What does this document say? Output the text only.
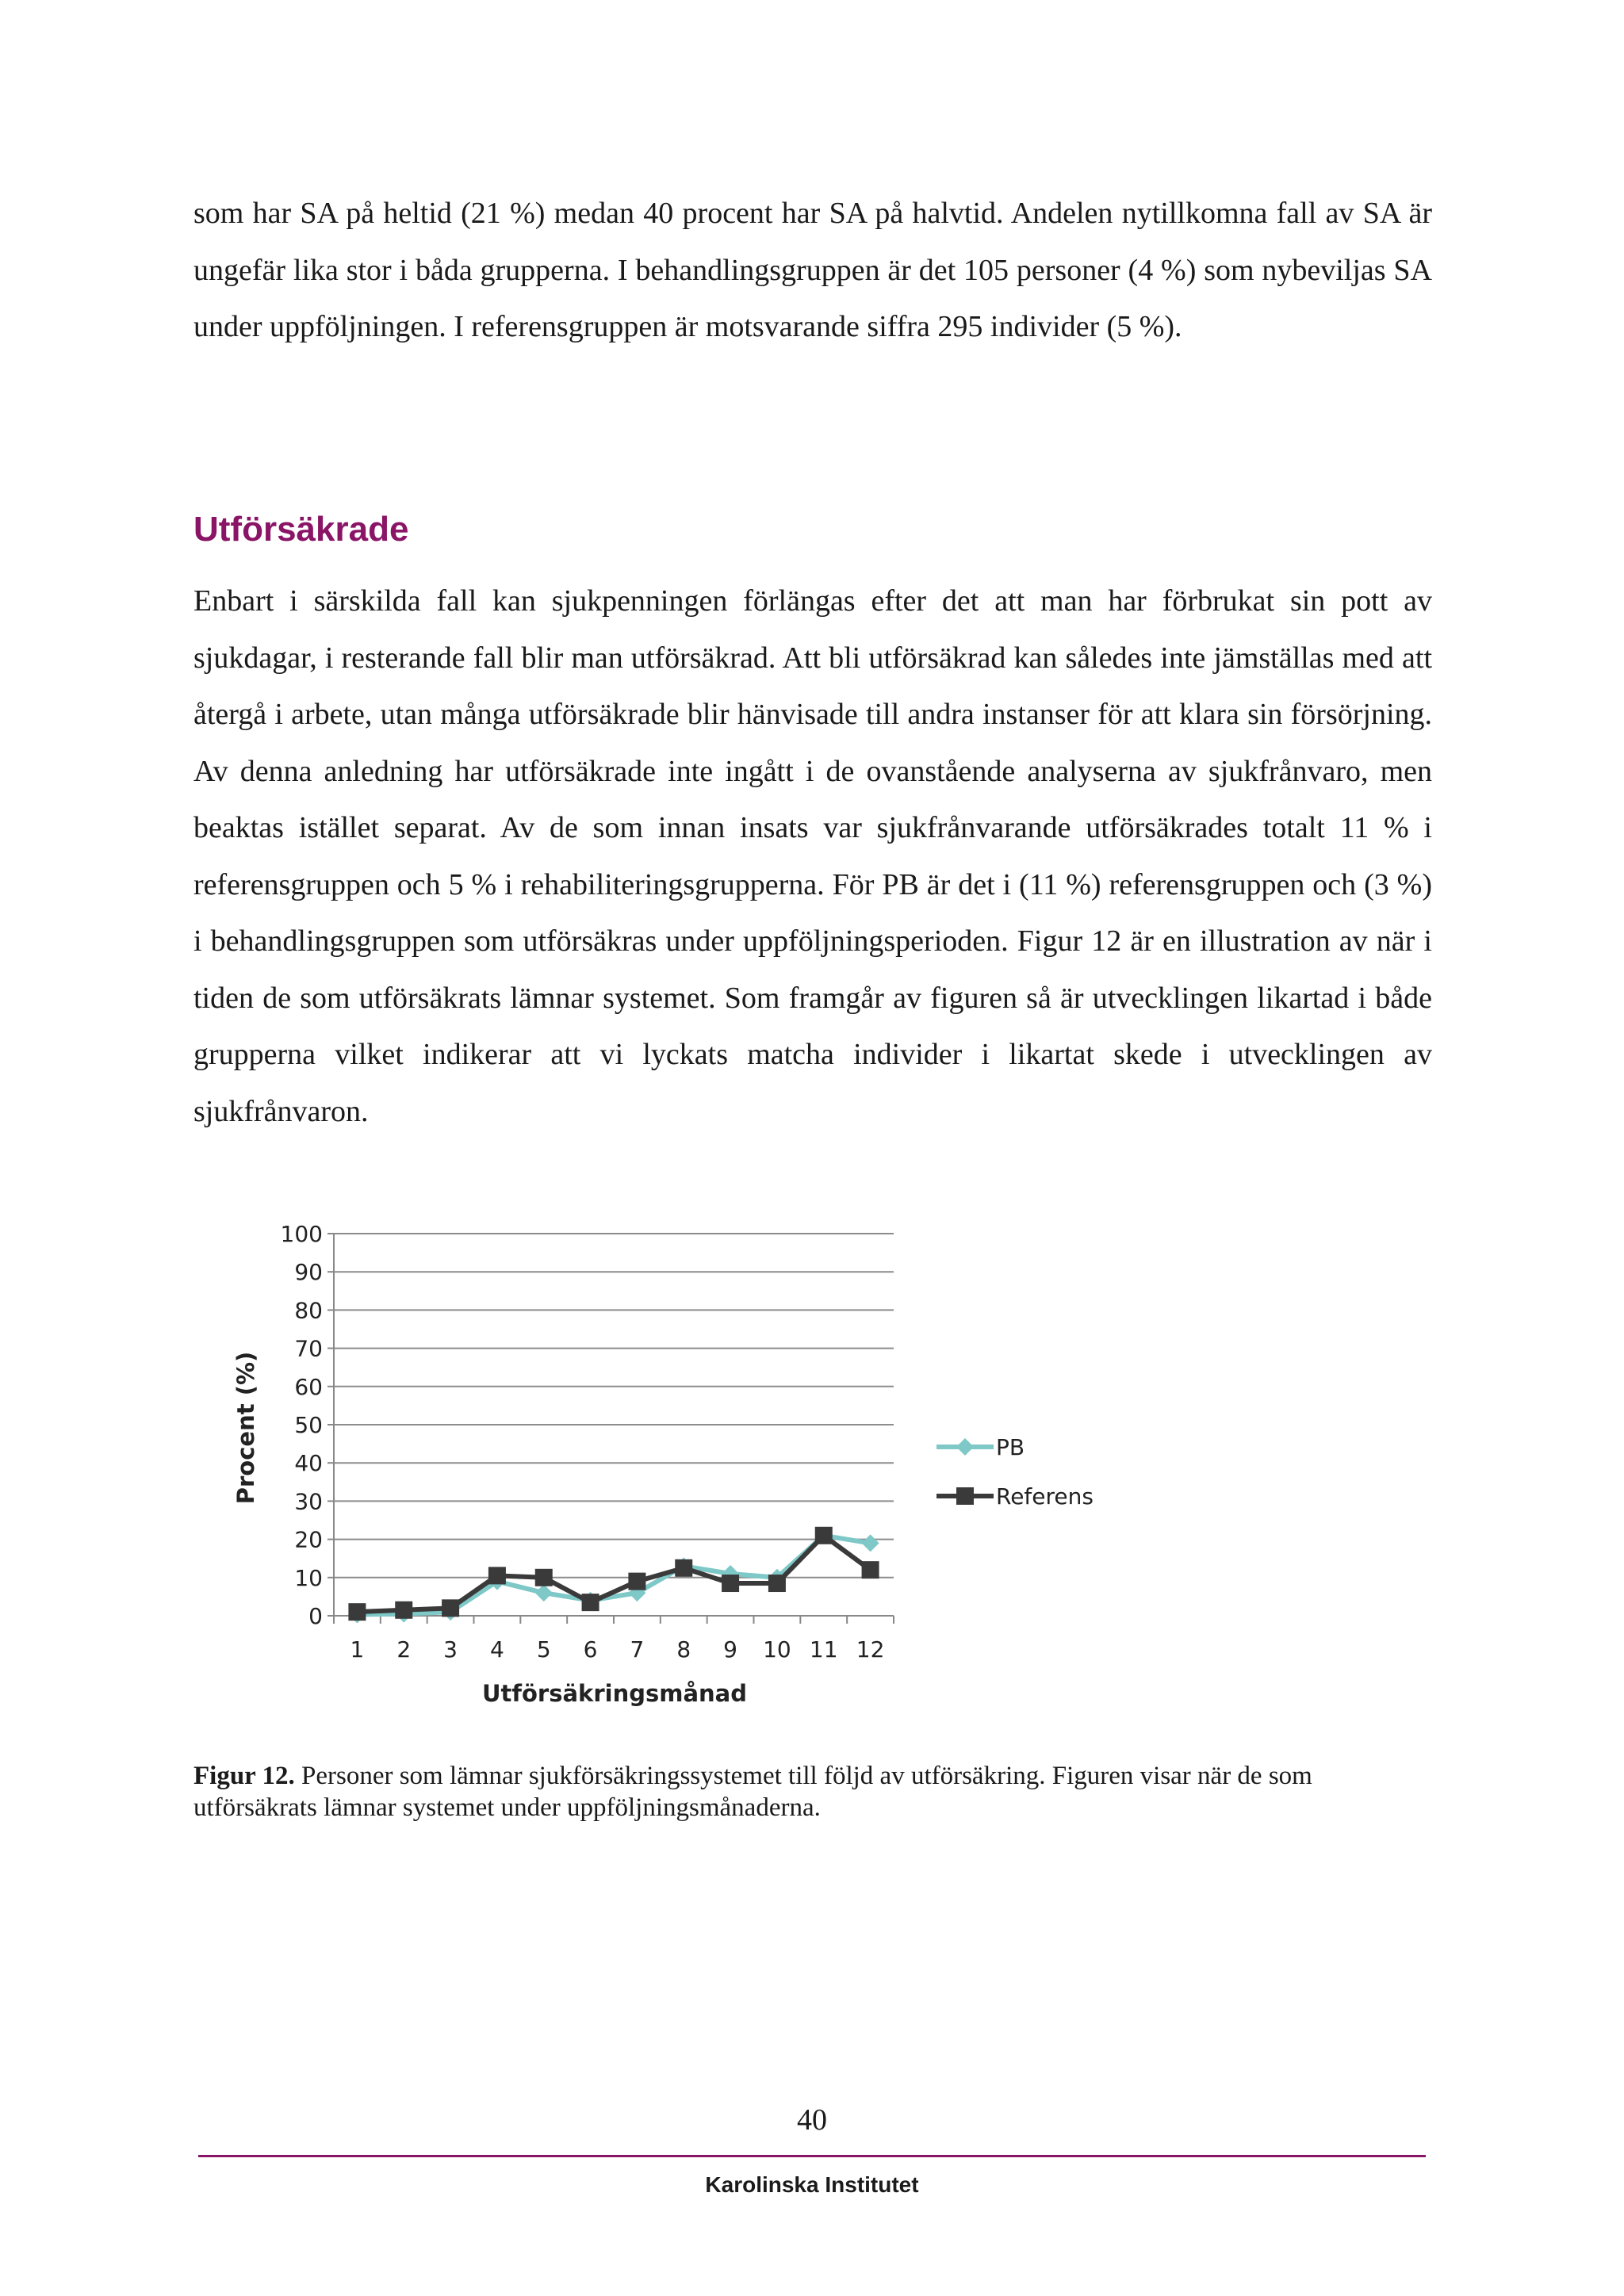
som har SA på heltid (21 %) medan 40 procent har SA på halvtid. Andelen nytillkomna fall av SA är ungefär lika stor i båda grupperna. I behandlingsgruppen är det 105 personer (4 %) som nybeviljas SA under uppföljningen. I referensgruppen är motsvarande siffra 295 individer (5 %).

Utförsäkrade

Enbart i särskilda fall kan sjukpenningen förlängas efter det att man har förbrukat sin pott av sjukdagar, i resterande fall blir man utförsäkrad. Att bli utförsäkrad kan således inte jämställas med att återgå i arbete, utan många utförsäkrade blir hänvisade till andra instanser för att klara sin försörjning. Av denna anledning har utförsäkrade inte ingått i de ovanstående analyserna av sjukfrånvaro, men beaktas istället separat. Av de som innan insats var sjukfrånvarande utförsäkrades totalt 11 % i referensgruppen och 5 % i rehabiliteringsgrupperna. För PB är det i (11 %) referensgruppen och (3 %) i behandlingsgruppen som utförsäkras under uppföljningsperioden. Figur 12 är en illustration av när i tiden de som utförsäkrats lämnar systemet. Som framgår av figuren så är utvecklingen likartad i både grupperna vilket indikerar att vi lyckats matcha individer i likartat skede i utvecklingen av sjukfrånvaron.

0
10
20
30
40
50
60
70
80
90
100
1 2 3 4 5 6 7 8 9 10 11 12
Utförsäkringsmånad
Procent (%)	PB
Referens

Figur 12. Personer som lämnar sjukförsäkringssystemet till följd av utförsäkring. Figuren visar när de som utförsäkrats lämnar systemet under uppföljningsmånaderna.

40
Karolinska Institutet
